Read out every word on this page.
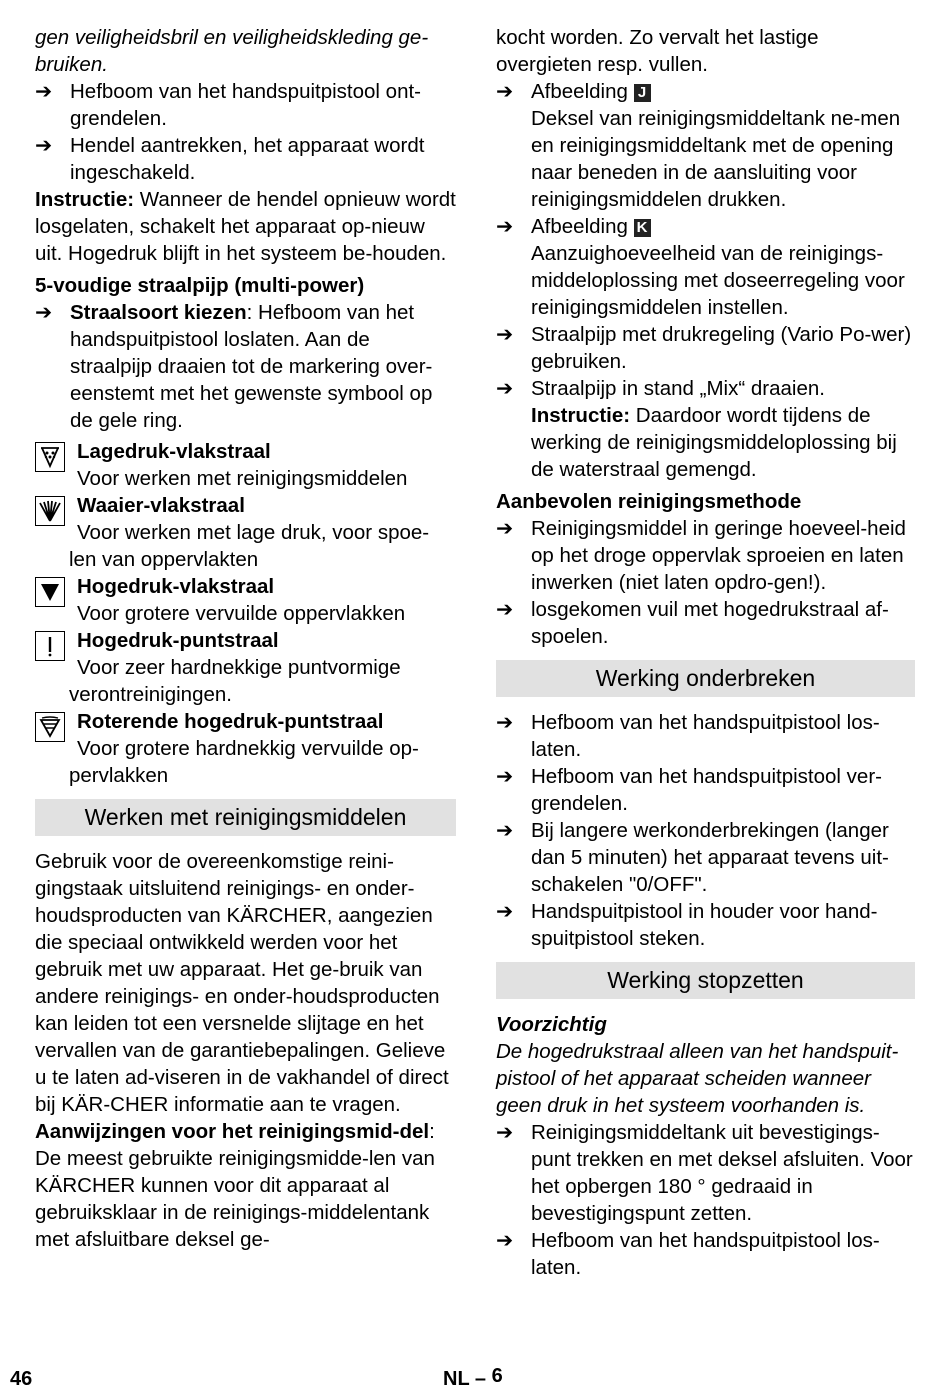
gen veiligheidsbril en veiligheidskleding ge-bruiken.

➔ Hefboom van het handspuitpistool ont-grendelen.

➔ Hendel aantrekken, het apparaat wordt ingeschakeld.

Instructie: Wanneer de hendel opnieuw wordt losgelaten, schakelt het apparaat op-nieuw uit. Hogedruk blijft in het systeem be-houden.

5-voudige straalpijp (multi-power)

➔ Straalsoort kiezen: Hefboom van het handspuitpistool loslaten. Aan de straalpijp draaien tot de markering over-eenstemt met het gewenste symbool op de gele ring.

Lagedruk-vlakstraal

Voor werken met reinigingsmiddelen

Waaier-vlakstraal

Voor werken met lage druk, voor spoe-

len van oppervlakten

Hogedruk-vlakstraal

Voor grotere vervuilde oppervlakken

Hogedruk-puntstraal

Voor zeer hardnekkige puntvormige

verontreinigingen.

Roterende hogedruk-puntstraal

Voor grotere hardnekkig vervuilde op-

pervlakken

Werken met reinigingsmiddelen

Gebruik voor de overeenkomstige reini-gingstaak uitsluitend reinigings- en onder-houdsproducten van KÄRCHER, aangezien die speciaal ontwikkeld werden voor het gebruik met uw apparaat. Het ge-bruik van andere reinigings- en onder-houdsproducten kan leiden tot een versnelde slijtage en het vervallen van de garantiebepalingen. Gelieve u te laten ad-viseren in de vakhandel of direct bij KÄR-CHER informatie aan te vragen.

Aanwijzingen voor het reinigingsmid-del: De meest gebruikte reinigingsmidde-len van KÄRCHER kunnen voor dit apparaat al gebruiksklaar in de reinigings-middelentank met afsluitbare deksel ge-

kocht worden. Zo vervalt het lastige overgieten resp. vullen.

➔ Afbeelding J

Deksel van reinigingsmiddeltank ne-men en reinigingsmiddeltank met de opening naar beneden in de aansluiting voor reinigingsmiddelen drukken.

➔ Afbeelding K

Aanzuighoeveelheid van de reinigings-middeloplossing met doseerregeling voor reinigingsmiddelen instellen.

➔ Straalpijp met drukregeling (Vario Po-wer) gebruiken.

➔ Straalpijp in stand „Mix“ draaien.

Instructie: Daardoor wordt tijdens de werking de reinigingsmiddeloplossing bij de waterstraal gemengd.

Aanbevolen reinigingsmethode

➔ Reinigingsmiddel in geringe hoeveel-heid op het droge oppervlak sproeien en laten inwerken (niet laten opdro-gen!).

➔ losgekomen vuil met hogedrukstraal af-spoelen.

Werking onderbreken

➔ Hefboom van het handspuitpistool los-laten.

➔ Hefboom van het handspuitpistool ver-grendelen.

➔ Bij langere werkonderbrekingen (langer dan 5 minuten) het apparaat tevens uit-schakelen "0/OFF".

➔ Handspuitpistool in houder voor hand-spuitpistool steken.

Werking stopzetten

Voorzichtig

De hogedrukstraal alleen van het handspuit-pistool of het apparaat scheiden wanneer geen druk in het systeem voorhanden is.

➔ Reinigingsmiddeltank uit bevestigings-punt trekken en met deksel afsluiten. Voor het opbergen 180 ° gedraaid in bevestigingspunt zetten.

➔ Hefboom van het handspuitpistool los-laten.

46	NL – 6
